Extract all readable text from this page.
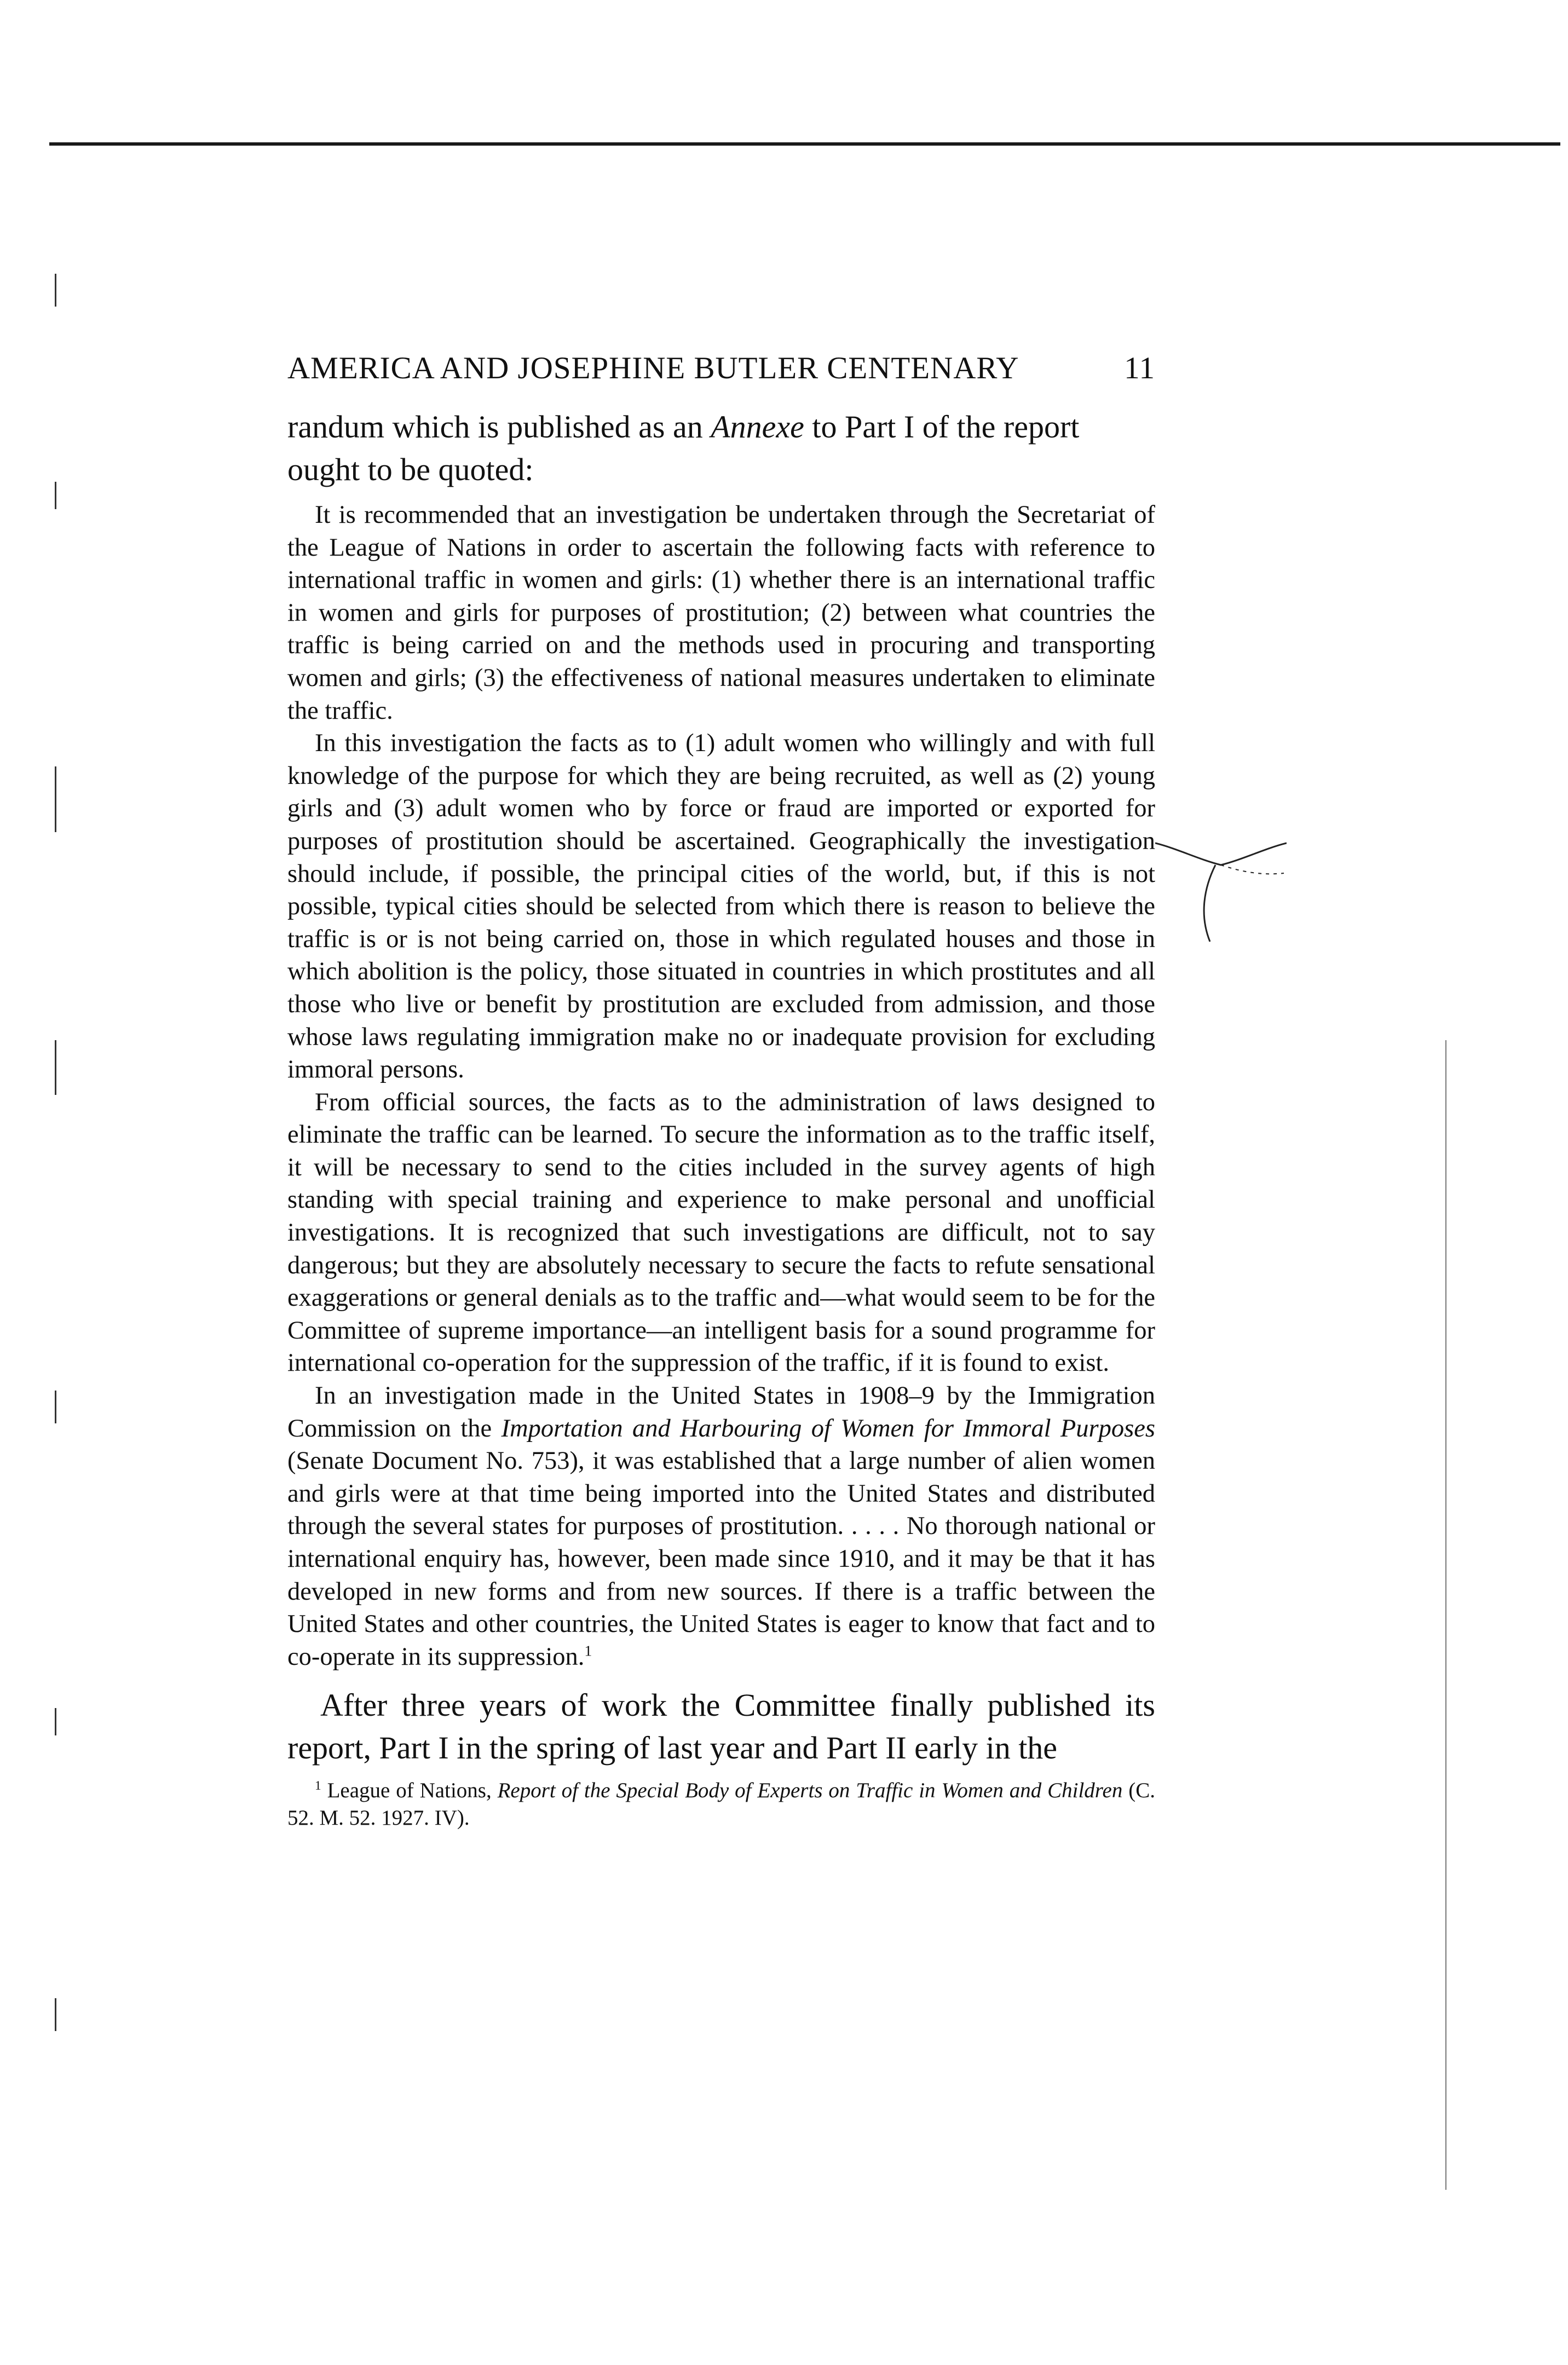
AMERICA AND JOSEPHINE BUTLER CENTENARY	11

randum which is published as an Annexe to Part I of the report
ought to be quoted:

It is recommended that an investigation be undertaken through the Secretariat of the League of Nations in order to ascertain the following facts with reference to international traffic in women and girls: (1) whether there is an international traffic in women and girls for purposes of prostitution; (2) between what countries the traffic is being carried on and the methods used in procuring and transporting women and girls; (3) the effectiveness of national measures undertaken to eliminate the traffic.

In this investigation the facts as to (1) adult women who willingly and with full knowledge of the purpose for which they are being recruited, as well as (2) young girls and (3) adult women who by force or fraud are imported or exported for purposes of prostitution should be ascertained. Geographically the investigation should include, if possible, the principal cities of the world, but, if this is not possible, typical cities should be selected from which there is reason to believe the traffic is or is not being carried on, those in which regulated houses and those in which abolition is the policy, those situated in countries in which prostitutes and all those who live or benefit by prostitution are excluded from admission, and those whose laws regulating immigration make no or inadequate provision for excluding immoral persons.

From official sources, the facts as to the administration of laws designed to eliminate the traffic can be learned. To secure the information as to the traffic itself, it will be necessary to send to the cities included in the survey agents of high standing with special training and experience to make personal and unofficial investigations. It is recognized that such investigations are difficult, not to say dangerous; but they are absolutely necessary to secure the facts to refute sensational exaggerations or general denials as to the traffic and—what would seem to be for the Committee of supreme importance—an intelligent basis for a sound programme for international co-operation for the suppression of the traffic, if it is found to exist.

In an investigation made in the United States in 1908–9 by the Immigration Commission on the Importation and Harbouring of Women for Immoral Purposes (Senate Document No. 753), it was established that a large number of alien women and girls were at that time being imported into the United States and distributed through the several states for purposes of prostitution. . . . . No thorough national or international enquiry has, however, been made since 1910, and it may be that it has developed in new forms and from new sources. If there is a traffic between the United States and other countries, the United States is eager to know that fact and to co-operate in its suppression.$^1$

After three years of work the Committee finally published its report, Part I in the spring of last year and Part II early in the

$^1$ League of Nations, Report of the Special Body of Experts on Traffic in Women and Children (C. 52. M. 52. 1927. IV).
